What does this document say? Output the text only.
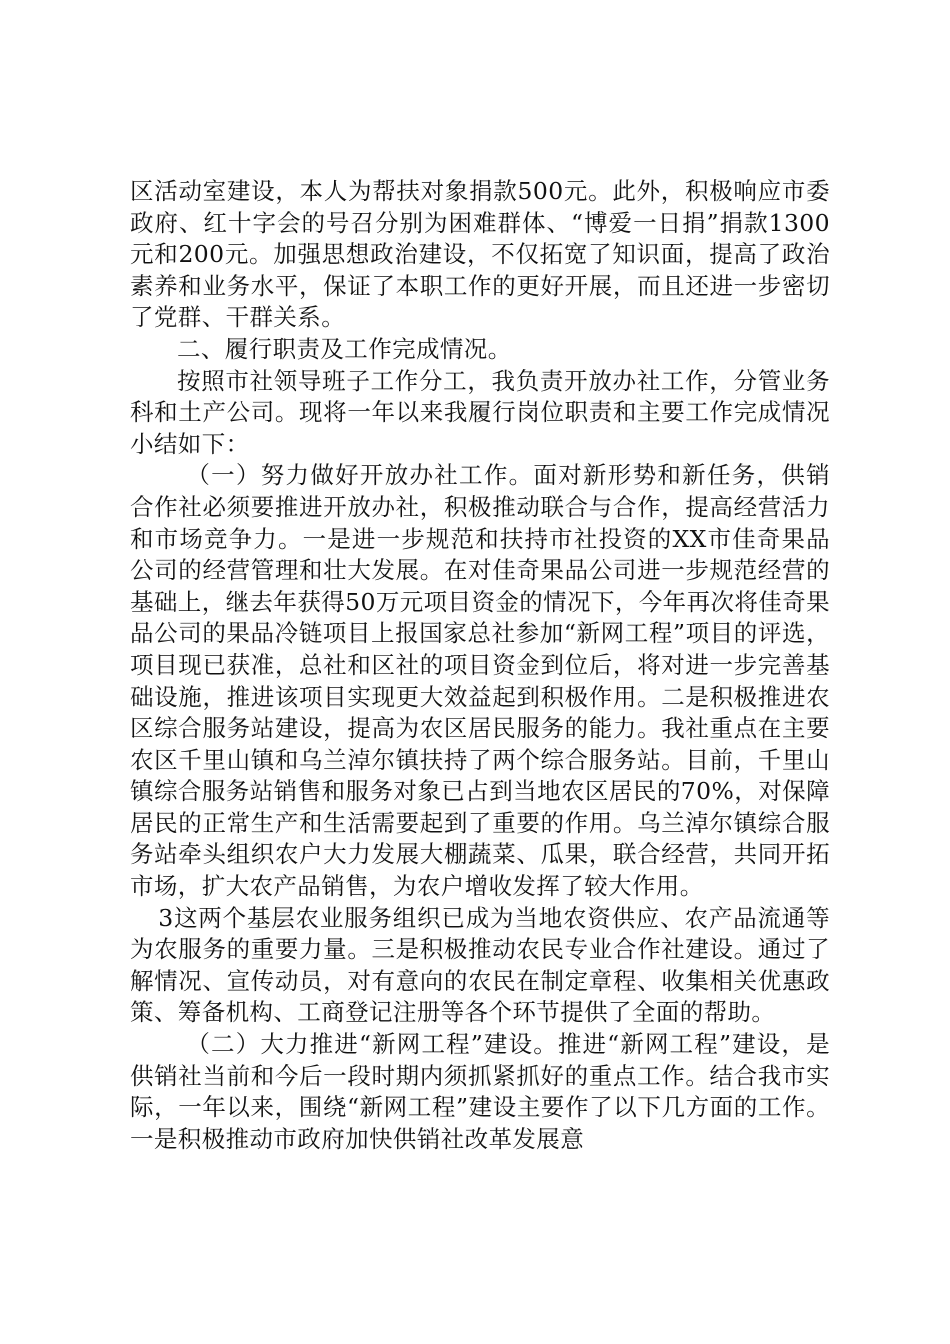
区活动室建设，本人为帮扶对象捐款500元。此外，积极响应市委政府、红十字会的号召分别为困难群体、“博爱一日捐”捐款1300元和200元。加强思想政治建设，不仅拓宽了知识面，提高了政治素养和业务水平，保证了本职工作的更好开展，而且还进一步密切了党群、干群关系。

二、履行职责及工作完成情况。

按照市社领导班子工作分工，我负责开放办社工作，分管业务科和土产公司。现将一年以来我履行岗位职责和主要工作完成情况小结如下：

（一）努力做好开放办社工作。面对新形势和新任务，供销合作社必须要推进开放办社，积极推动联合与合作，提高经营活力和市场竞争力。一是进一步规范和扶持市社投资的XX市佳奇果品公司的经营管理和壮大发展。在对佳奇果品公司进一步规范经营的基础上，继去年获得50万元项目资金的情况下，今年再次将佳奇果品公司的果品冷链项目上报国家总社参加“新网工程”项目的评选，项目现已获准，总社和区社的项目资金到位后，将对进一步完善基础设施，推进该项目实现更大效益起到积极作用。二是积极推进农区综合服务站建设，提高为农区居民服务的能力。我社重点在主要农区千里山镇和乌兰淖尔镇扶持了两个综合服务站。目前，千里山镇综合服务站销售和服务对象已占到当地农区居民的70%，对保障居民的正常生产和生活需要起到了重要的作用。乌兰淖尔镇综合服务站牵头组织农户大力发展大棚蔬菜、瓜果，联合经营，共同开拓市场，扩大农产品销售，为农户增收发挥了较大作用。

3这两个基层农业服务组织已成为当地农资供应、农产品流通等为农服务的重要力量。三是积极推动农民专业合作社建设。通过了解情况、宣传动员，对有意向的农民在制定章程、收集相关优惠政策、筹备机构、工商登记注册等各个环节提供了全面的帮助。

（二）大力推进“新网工程”建设。推进“新网工程”建设，是供销社当前和今后一段时期内须抓紧抓好的重点工作。结合我市实际，一年以来，围绕“新网工程”建设主要作了以下几方面的工作。一是积极推动市政府加快供销社改革发展意
